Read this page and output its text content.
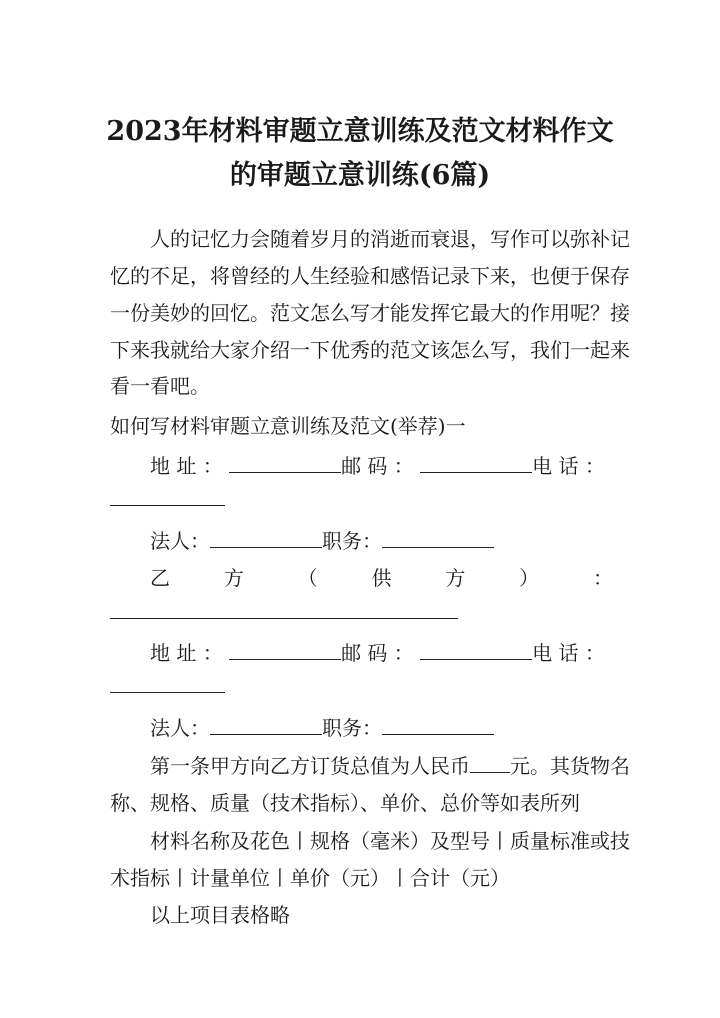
2023年材料审题立意训练及范文材料作文
的审题立意训练(6篇)
人的记忆力会随着岁月的消逝而衰退，写作可以弥补记
忆的不足，将曾经的人生经验和感悟记录下来，也便于保存
一份美妙的回忆。范文怎么写才能发挥它最大的作用呢？接
下来我就给大家介绍一下优秀的范文该怎么写，我们一起来
看一看吧。
如何写材料审题立意训练及范文(举荐)一
地 址 ：	邮 码 ：	电 话 ：
法人：	职务：
乙	方	（	供	方	）	：
地 址 ：	邮 码 ：	电 话 ：
法人：	职务：
第一条甲方向乙方订货总值为人民币 元。其货物名
称、规格、质量（技术指标）、单价、总价等如表所列
材料名称及花色丨规格（毫米）及型号丨质量标准或技
术指标丨计量单位丨单价（元）丨合计（元）
以上项目表格略
